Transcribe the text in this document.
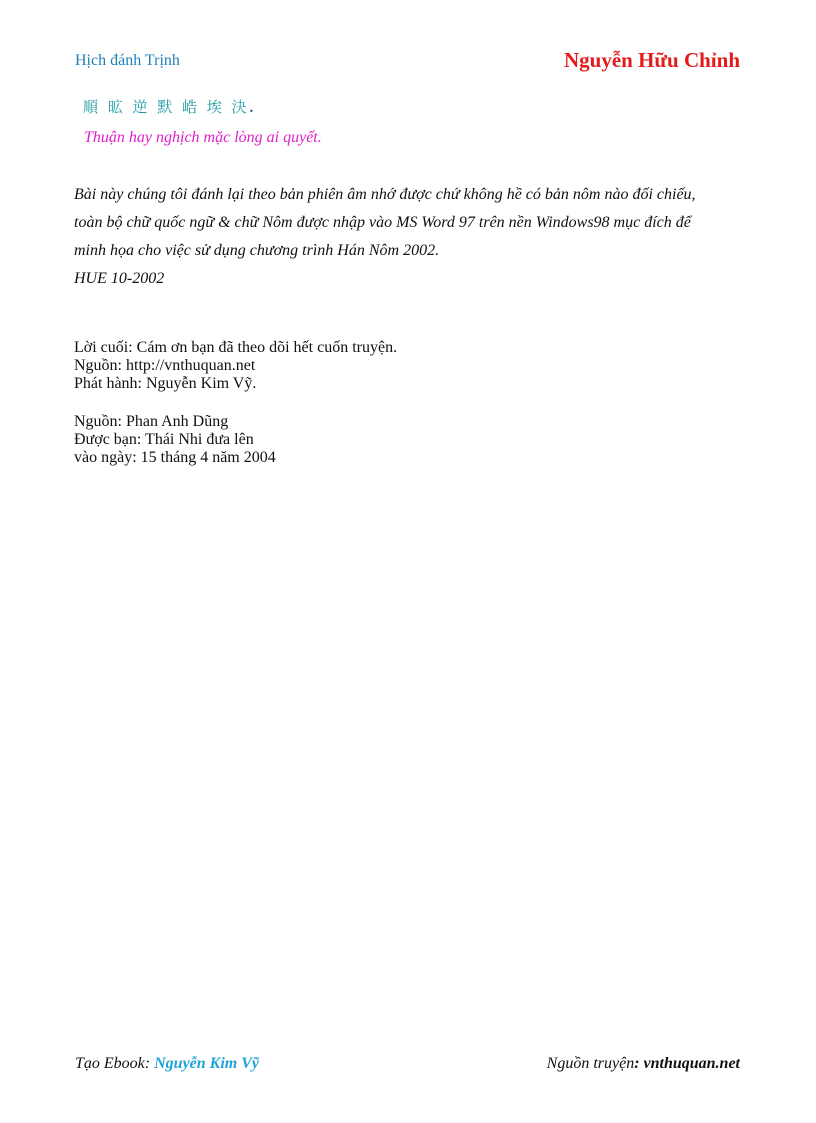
Hịch đánh Trịnh	Nguyễn Hữu Chỉnh
順 昿 逆 默 峼 埃 決.
Thuận hay nghịch mặc lòng ai quyết.
Bài này chúng tôi đánh lại theo bản phiên âm nhớ được chứ không hề có bản nôm nào đối chiếu,
toàn bộ chữ quốc ngữ & chữ Nôm được nhập vào MS Word 97 trên nền Windows98 mục đích để
minh họa cho việc sử dụng chương trình Hán Nôm 2002.
HUE 10-2002
Lời cuối: Cám ơn bạn đã theo dõi hết cuốn truyện.
Nguồn: http://vnthuquan.net
Phát hành: Nguyễn Kim Vỹ.
Nguồn: Phan Anh Dũng
Được bạn: Thái Nhi đưa lên
vào ngày: 15 tháng 4 năm 2004
Tạo Ebook: Nguyễn Kim Vỹ	Nguồn truyện: vnthuquan.net
